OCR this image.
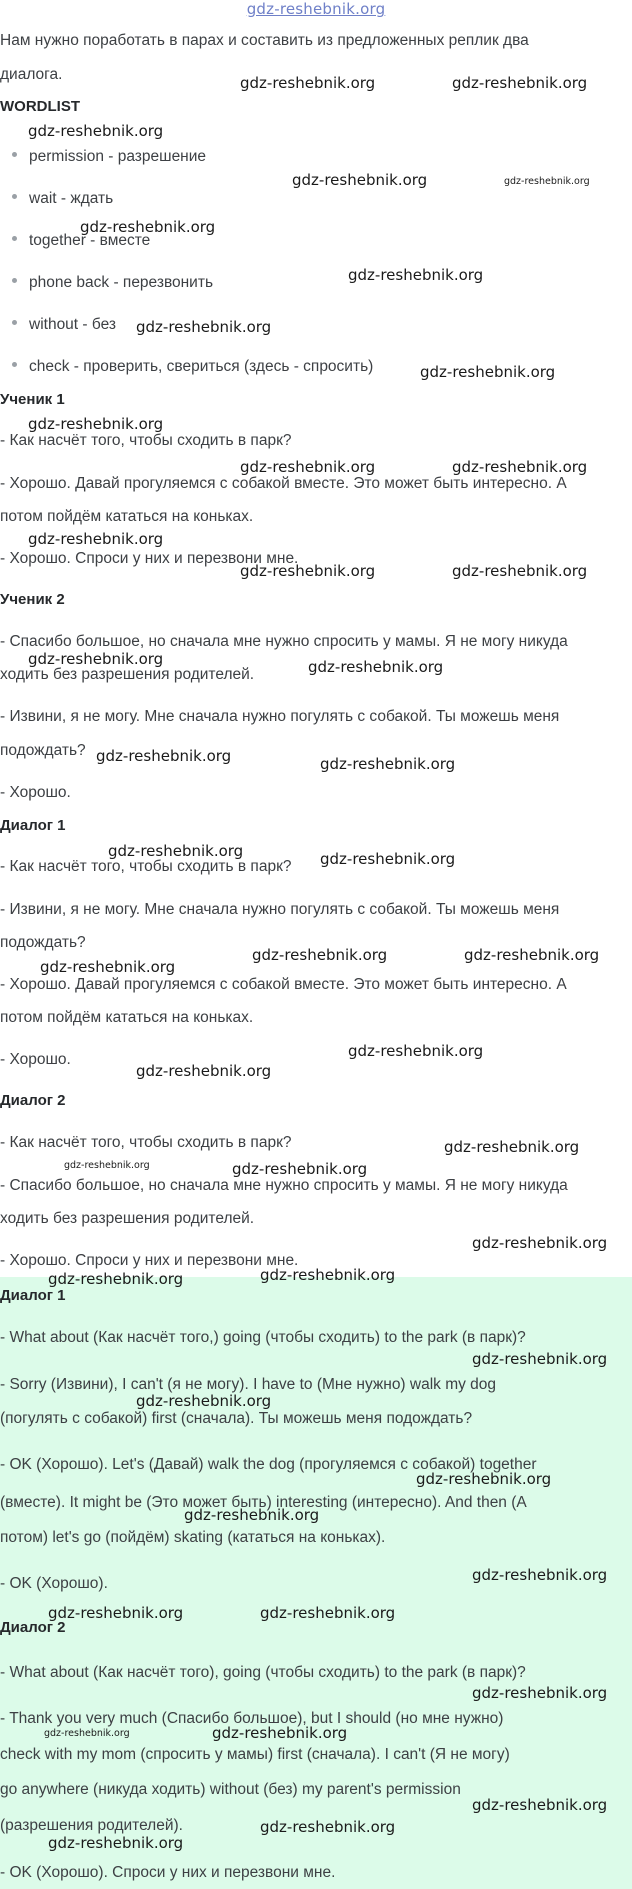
gdz-reshebnik.org
Нам нужно поработать в парах и составить из предложенных реплик два
диалога.
WORDLIST
permission - разрешение
wait - ждать
together - вместе
phone back - перезвонить
without - без
check - проверить, свериться (здесь - спросить)
Ученик 1
- Как насчёт того, чтобы сходить в парк?
- Хорошо. Давай прогуляемся с собакой вместе. Это может быть интересно. А
потом пойдём кататься на коньках.
- Хорошо. Спроси у них и перезвони мне.
Ученик 2
- Спасибо большое, но сначала мне нужно спросить у мамы. Я не могу никуда
ходить без разрешения родителей.
- Извини, я не могу. Мне сначала нужно погулять с собакой. Ты можешь меня
подождать?
- Хорошо.
Диалог 1
- Как насчёт того, чтобы сходить в парк?
- Извини, я не могу. Мне сначала нужно погулять с собакой. Ты можешь меня
подождать?
- Хорошо. Давай прогуляемся с собакой вместе. Это может быть интересно. А
потом пойдём кататься на коньках.
- Хорошо.
Диалог 2
- Как насчёт того, чтобы сходить в парк?
- Спасибо большое, но сначала мне нужно спросить у мамы. Я не могу никуда
ходить без разрешения родителей.
- Хорошо. Спроси у них и перезвони мне.
Диалог 1
- What about (Как насчёт того,) going (чтобы сходить) to the park (в парк)?
- Sorry (Извини), I can't (я не могу). I have to (Мне нужно) walk my dog
(погулять с собакой) first (сначала). Ты можешь меня подождать?
- OK (Хорошо). Let's (Давай) walk the dog (прогуляемся с собакой) together
(вместе). It might be (Это может быть) interesting (интересно). And then (А
потом) let's go (пойдём) skating (кататься на коньках).
- OK (Хорошо).
Диалог 2
- What about (Как насчёт того), going (чтобы сходить) to the park (в парк)?
- Thank you very much (Спасибо большое), but I should (но мне нужно)
check with my mom (спросить у мамы) first (сначала). I can't (Я не могу)
go anywhere (никуда ходить) without (без) my parent's permission
(разрешения родителей).
- OK (Хорошо). Спроси у них и перезвони мне.
gdz-reshebnik.org	gdz-reshebnik.org
gdz-reshebnik.org
gdz-reshebnik.org	gdz-reshebnik.org
gdz-reshebnik.org
gdz-reshebnik.org
gdz-reshebnik.org
gdz-reshebnik.org
gdz-reshebnik.org
gdz-reshebnik.org	gdz-reshebnik.org
gdz-reshebnik.org
gdz-reshebnik.org	gdz-reshebnik.org
gdz-reshebnik.org	gdz-reshebnik.org
gdz-reshebnik.org	gdz-reshebnik.org
gdz-reshebnik.org	gdz-reshebnik.org
gdz-reshebnik.org	gdz-reshebnik.org
gdz-reshebnik.org
gdz-reshebnik.org
gdz-reshebnik.org
gdz-reshebnik.org
gdz-reshebnik.org	gdz-reshebnik.org
gdz-reshebnik.org
gdz-reshebnik.org	gdz-reshebnik.org
gdz-reshebnik.org
gdz-reshebnik.org
gdz-reshebnik.org
gdz-reshebnik.org
gdz-reshebnik.org
gdz-reshebnik.org	gdz-reshebnik.org
gdz-reshebnik.org
gdz-reshebnik.org	gdz-reshebnik.org
gdz-reshebnik.org
gdz-reshebnik.org
gdz-reshebnik.org
